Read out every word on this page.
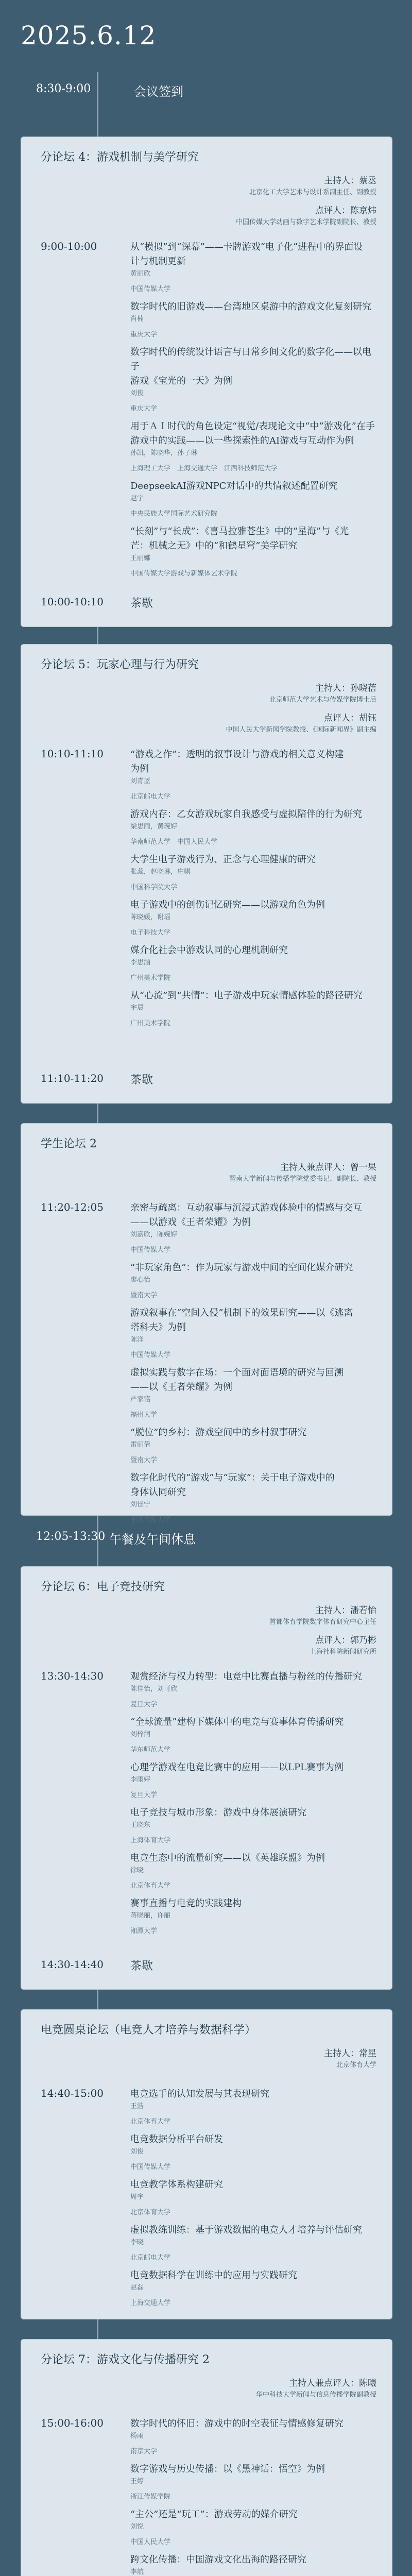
2025.6.12
8:30-9:00	会议签到
分论坛 4：游戏机制与美学研究
主持人：蔡丞
北京化工大学艺术与设计系副主任、副教授
点评人：陈京炜
中国传媒大学动画与数字艺术学院副院长、教授
9:00-10:00	从“模拟”到“深幕”——卡牌游戏“电子化”进程中的界面设
计与机制更新
黄丽欣
中国传媒大学
数字时代的旧游戏——台湾地区桌游中的游戏文化复刻研究
肖楠
重庆大学
数字时代的传统设计语言与日常乡间文化的数字化——以电子
游戏《宝光的一天》为例
刘俊
重庆大学
用于ＡＩ时代的角色设定“视觉/表现论文中“中”游戏化”在手
游戏中的实践——以一些探索性的AI游戏与互动作为例
孙凯，陈晓华，孙子琳
上海理工大学　上海交通大学　江西科技师范大学
DeepseekAI游戏NPC对话中的共情叙述配置研究
赵宇
中央民族大学国际艺术研究院
“长刻”与“长成”：《喜马拉雅苍生》中的“星海”与《光
芒：机械之无》中的“和鹤星穹”美学研究
王丽娜
中国传媒大学游戏与新媒体艺术学院
10:00-10:10 茶歇
分论坛 5：玩家心理与行为研究
主持人：孙晓蓓
北京师范大学艺术与传媒学院博士后
点评人：胡钰
中国人民大学新闻学院教授、《国际新闻界》副主编
10:10-11:10	“游戏之作”：透明的叙事设计与游戏的相关意义构建
为例
刘青蓝
北京邮电大学
游戏内存：乙女游戏玩家自我感受与虚拟陪伴的行为研究
梁思雨，黄琬婷
华南师范大学　中国人民大学
大学生电子游戏行为、正念与心理健康的研究
张蕊，赵晓琳，庄骐
中国科学院大学
电子游戏中的创伤记忆研究——以游戏角色为例
陈晓媛，谢瑶
电子科技大学
媒介化社会中游戏认同的心理机制研究
李思涵
广州美术学院
从“心流”到“共情”：电子游戏中玩家情感体验的路径研究
宇晨
广州美术学院
11:10-11:20 茶歇
学生论坛 2
主持人兼点评人：曾一果
暨南大学新闻与传播学院党委书记、副院长、教授
11:20-12:05	亲密与疏离：互动叙事与沉浸式游戏体验中的情感与交互
——以游戏《王者荣耀》为例
刘嘉欣，陈婉婷
中国传媒大学
“非玩家角色”：作为玩家与游戏中间的空间化媒介研究
廖心怡
暨南大学
游戏叙事在“空间入侵”机制下的效果研究——以《逃离
塔科夫》为例
陈洋
中国传媒大学
虚拟实践与数字在场：一个面对面语境的研究与回溯
——以《王者荣耀》为例
严家铭
福州大学
“脱位”的乡村：游戏空间中的乡村叙事研究
雷丽倩
暨南大学
数字化时代的“游戏”与“玩家”：关于电子游戏中的
身体认同研究
刘佳宁
中国传媒大学
12:05-13:30 午餐及午间休息
分论坛 6：电子竞技研究
主持人：潘若怡
首都体育学院数字体育研究中心主任
点评人：郭乃彬
上海社科院新闻研究所
13:30-14:30	观赏经济与权力转型：电竞中比赛直播与粉丝的传播研究
陈佳怡，刘可欣
复旦大学
“全球流量”建构下媒体中的电竞与赛事体育传播研究
刘梓润
华东师范大学
心理学游戏在电竞比赛中的应用——以LPL赛事为例
李雨婷
复旦大学
电子竞技与城市形象：游戏中身体展演研究
王晓东
上海体育大学
电竞生态中的流量研究——以《英雄联盟》为例
徐晓
北京体育大学
赛事直播与电竞的实践建构
蒋晓丽，许丽
湘潭大学
14:30-14:40 茶歇
电竞圆桌论坛（电竞人才培养与数据科学）
主持人：常星
北京体育大学
14:40-15:00	电竞选手的认知发展与其表现研究
王浩
北京体育大学
电竞数据分析平台研发
刘俊
中国传媒大学
电竞教学体系构建研究
周宇
北京体育大学
虚拟教练训练：基于游戏数据的电竞人才培养与评估研究
李晓
北京邮电大学
电竞数据科学在训练中的应用与实践研究
赵磊
上海交通大学
分论坛 7：游戏文化与传播研究 2
主持人兼点评人：陈曦
华中科技大学新闻与信息传播学院副教授
15:00-16:00	数字时代的怀旧：游戏中的时空表征与情感修复研究
杨雨
南京大学
数字游戏与历史传播：以《黑神话：悟空》为例
王婷
浙江传媒学院
“主公”还是“玩工”：游戏劳动的媒介研究
刘悦
中国人民大学
跨文化传播：中国游戏文化出海的路径研究
李航
